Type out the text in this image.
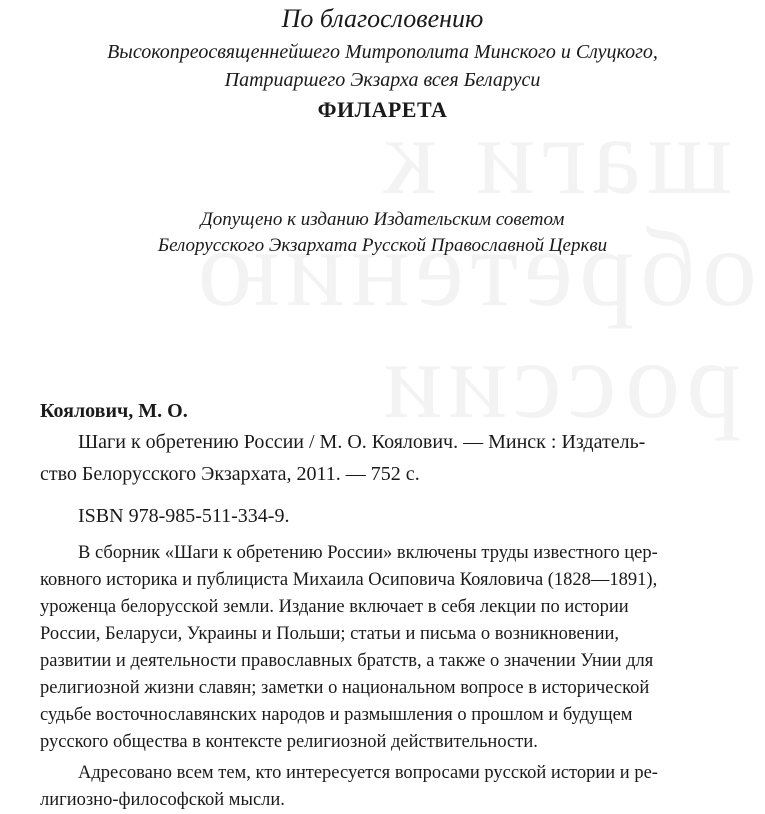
По благословению
Высокопреосвященнейшего Митрополита Минского и Слуцкого,
Патриаршего Экзарха всея Беларуси
ФИЛАРЕТА
Допущено к изданию Издательским советом
Белорусского Экзархата Русской Православной Церкви
Коялович, М. О.
Шаги к обретению России / М. О. Коялович. — Минск : Издатель-
ство Белорусского Экзархата, 2011. — 752 с.
ISBN 978-985-511-334-9.
В сборник «Шаги к обретению России» включены труды известного цер-
ковного историка и публициста Михаила Осиповича Кояловича (1828—1891),
уроженца белорусской земли. Издание включает в себя лекции по истории
России, Беларуси, Украины и Польши; статьи и письма о возникновении,
развитии и деятельности православных братств, а также о значении Унии для
религиозной жизни славян; заметки о национальном вопросе в исторической
судьбе восточнославянских народов и размышления о прошлом и будущем
русского общества в контексте религиозной действительности.
Адресовано всем тем, кто интересуется вопросами русской истории и ре-
лигиозно-философской мысли.
